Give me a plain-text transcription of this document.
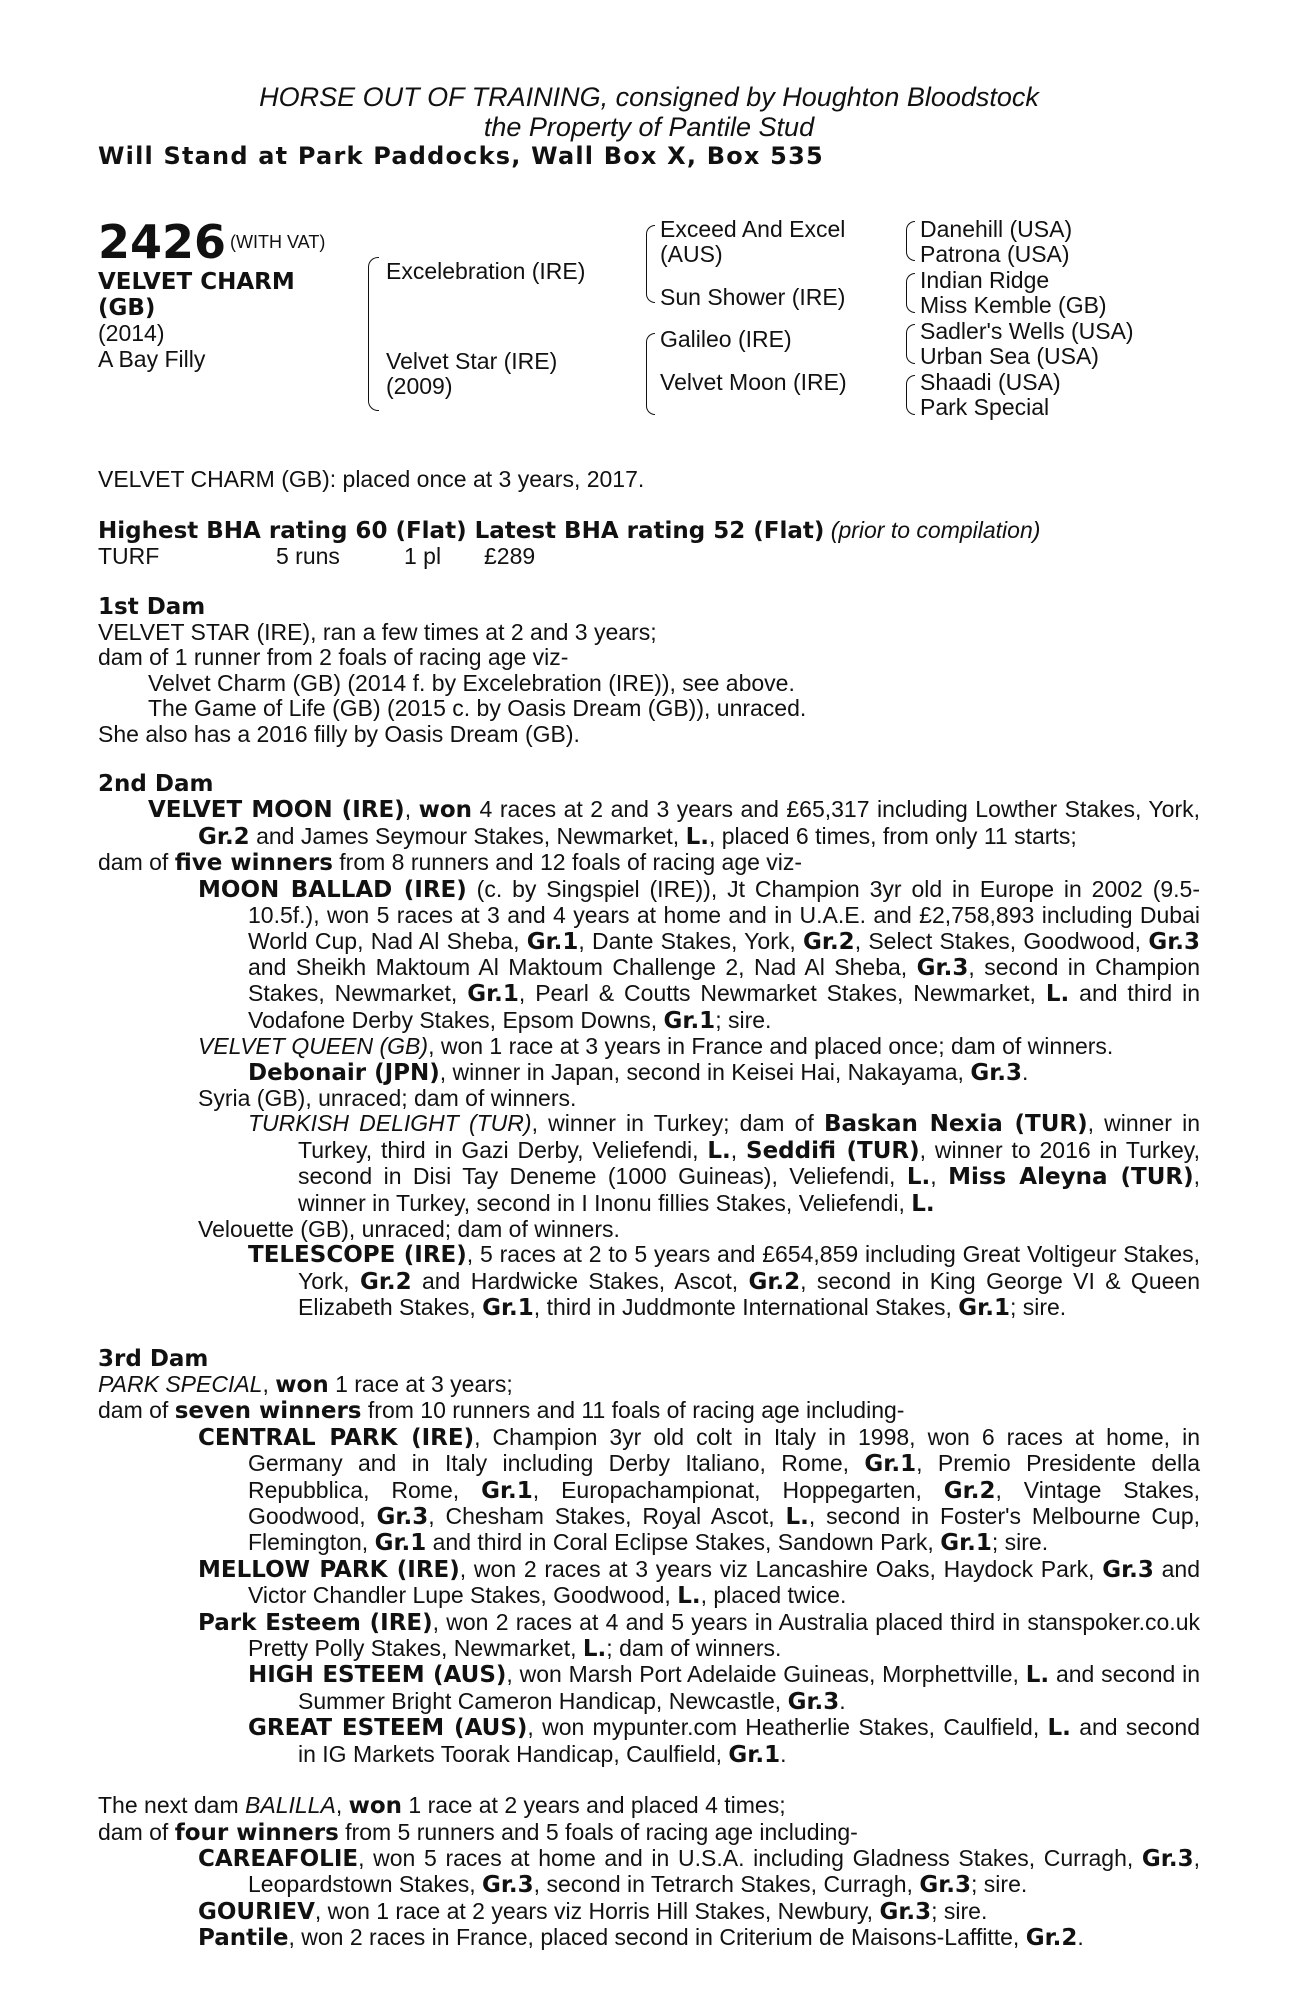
HORSE OUT OF TRAINING, consigned by Houghton Bloodstock
the Property of Pantile Stud
Will Stand at Park Paddocks, Wall Box X, Box 535
2426 $^{(WITH VAT)}$
VELVET CHARM
(GB)
(2014)
A Bay Filly
Excelebration (IRE)
Velvet Star (IRE)
(2009)
Exceed And Excel
(AUS)
Sun Shower (IRE)
Galileo (IRE)
Velvet Moon (IRE)
Danehill (USA)
Patrona (USA)
Indian Ridge
Miss Kemble (GB)
Sadler's Wells (USA)
Urban Sea (USA)
Shaadi (USA)
Park Special

VELVET CHARM (GB): placed once at 3 years, 2017.

Highest BHA rating 60 (Flat) Latest BHA rating 52 (Flat) (prior to compilation)
TURF	5 runs	1 pl £289
1st Dam

VELVET STAR (IRE), ran a few times at 2 and 3 years;

dam of 1 runner from 2 foals of racing age viz-

Velvet Charm (GB) (2014 f. by Excelebration (IRE)), see above.

The Game of Life (GB) (2015 c. by Oasis Dream (GB)), unraced.

She also has a 2016 filly by Oasis Dream (GB).

2nd Dam

VELVET MOON (IRE), won 4 races at 2 and 3 years and £65,317 including Lowther Stakes, York, Gr.2 and James Seymour Stakes, Newmarket, L., placed 6 times, from only 11 starts;

dam of five winners from 8 runners and 12 foals of racing age viz-

MOON BALLAD (IRE) (c. by Singspiel (IRE)), Jt Champion 3yr old in Europe in 2002 (9.5-10.5f.), won 5 races at 3 and 4 years at home and in U.A.E. and £2,758,893 including Dubai World Cup, Nad Al Sheba, Gr.1, Dante Stakes, York, Gr.2, Select Stakes, Goodwood, Gr.3 and Sheikh Maktoum Al Maktoum Challenge 2, Nad Al Sheba, Gr.3, second in Champion Stakes, Newmarket, Gr.1, Pearl & Coutts Newmarket Stakes, Newmarket, L. and third in Vodafone Derby Stakes, Epsom Downs, Gr.1; sire.

VELVET QUEEN (GB), won 1 race at 3 years in France and placed once; dam of winners.

Debonair (JPN), winner in Japan, second in Keisei Hai, Nakayama, Gr.3.

Syria (GB), unraced; dam of winners.

TURKISH DELIGHT (TUR), winner in Turkey; dam of Baskan Nexia (TUR), winner in Turkey, third in Gazi Derby, Veliefendi, L., Seddifi (TUR), winner to 2016 in Turkey, second in Disi Tay Deneme (1000 Guineas), Veliefendi, L., Miss Aleyna (TUR), winner in Turkey, second in I Inonu fillies Stakes, Veliefendi, L.

Velouette (GB), unraced; dam of winners.

TELESCOPE (IRE), 5 races at 2 to 5 years and £654,859 including Great Voltigeur Stakes, York, Gr.2 and Hardwicke Stakes, Ascot, Gr.2, second in King George VI & Queen Elizabeth Stakes, Gr.1, third in Juddmonte International Stakes, Gr.1; sire.

3rd Dam

PARK SPECIAL, won 1 race at 3 years;

dam of seven winners from 10 runners and 11 foals of racing age including-

CENTRAL PARK (IRE), Champion 3yr old colt in Italy in 1998, won 6 races at home, in Germany and in Italy including Derby Italiano, Rome, Gr.1, Premio Presidente della Repubblica, Rome, Gr.1, Europachampionat, Hoppegarten, Gr.2, Vintage Stakes, Goodwood, Gr.3, Chesham Stakes, Royal Ascot, L., second in Foster's Melbourne Cup, Flemington, Gr.1 and third in Coral Eclipse Stakes, Sandown Park, Gr.1; sire.

MELLOW PARK (IRE), won 2 races at 3 years viz Lancashire Oaks, Haydock Park, Gr.3 and Victor Chandler Lupe Stakes, Goodwood, L., placed twice.

Park Esteem (IRE), won 2 races at 4 and 5 years in Australia placed third in stanspoker.co.uk Pretty Polly Stakes, Newmarket, L.; dam of winners.

HIGH ESTEEM (AUS), won Marsh Port Adelaide Guineas, Morphettville, L. and second in Summer Bright Cameron Handicap, Newcastle, Gr.3.

GREAT ESTEEM (AUS), won mypunter.com Heatherlie Stakes, Caulfield, L. and second in IG Markets Toorak Handicap, Caulfield, Gr.1.

The next dam BALILLA, won 1 race at 2 years and placed 4 times;

dam of four winners from 5 runners and 5 foals of racing age including-

CAREAFOLIE, won 5 races at home and in U.S.A. including Gladness Stakes, Curragh, Gr.3, Leopardstown Stakes, Gr.3, second in Tetrarch Stakes, Curragh, Gr.3; sire.

GOURIEV, won 1 race at 2 years viz Horris Hill Stakes, Newbury, Gr.3; sire.

Pantile, won 2 races in France, placed second in Criterium de Maisons-Laffitte, Gr.2.
